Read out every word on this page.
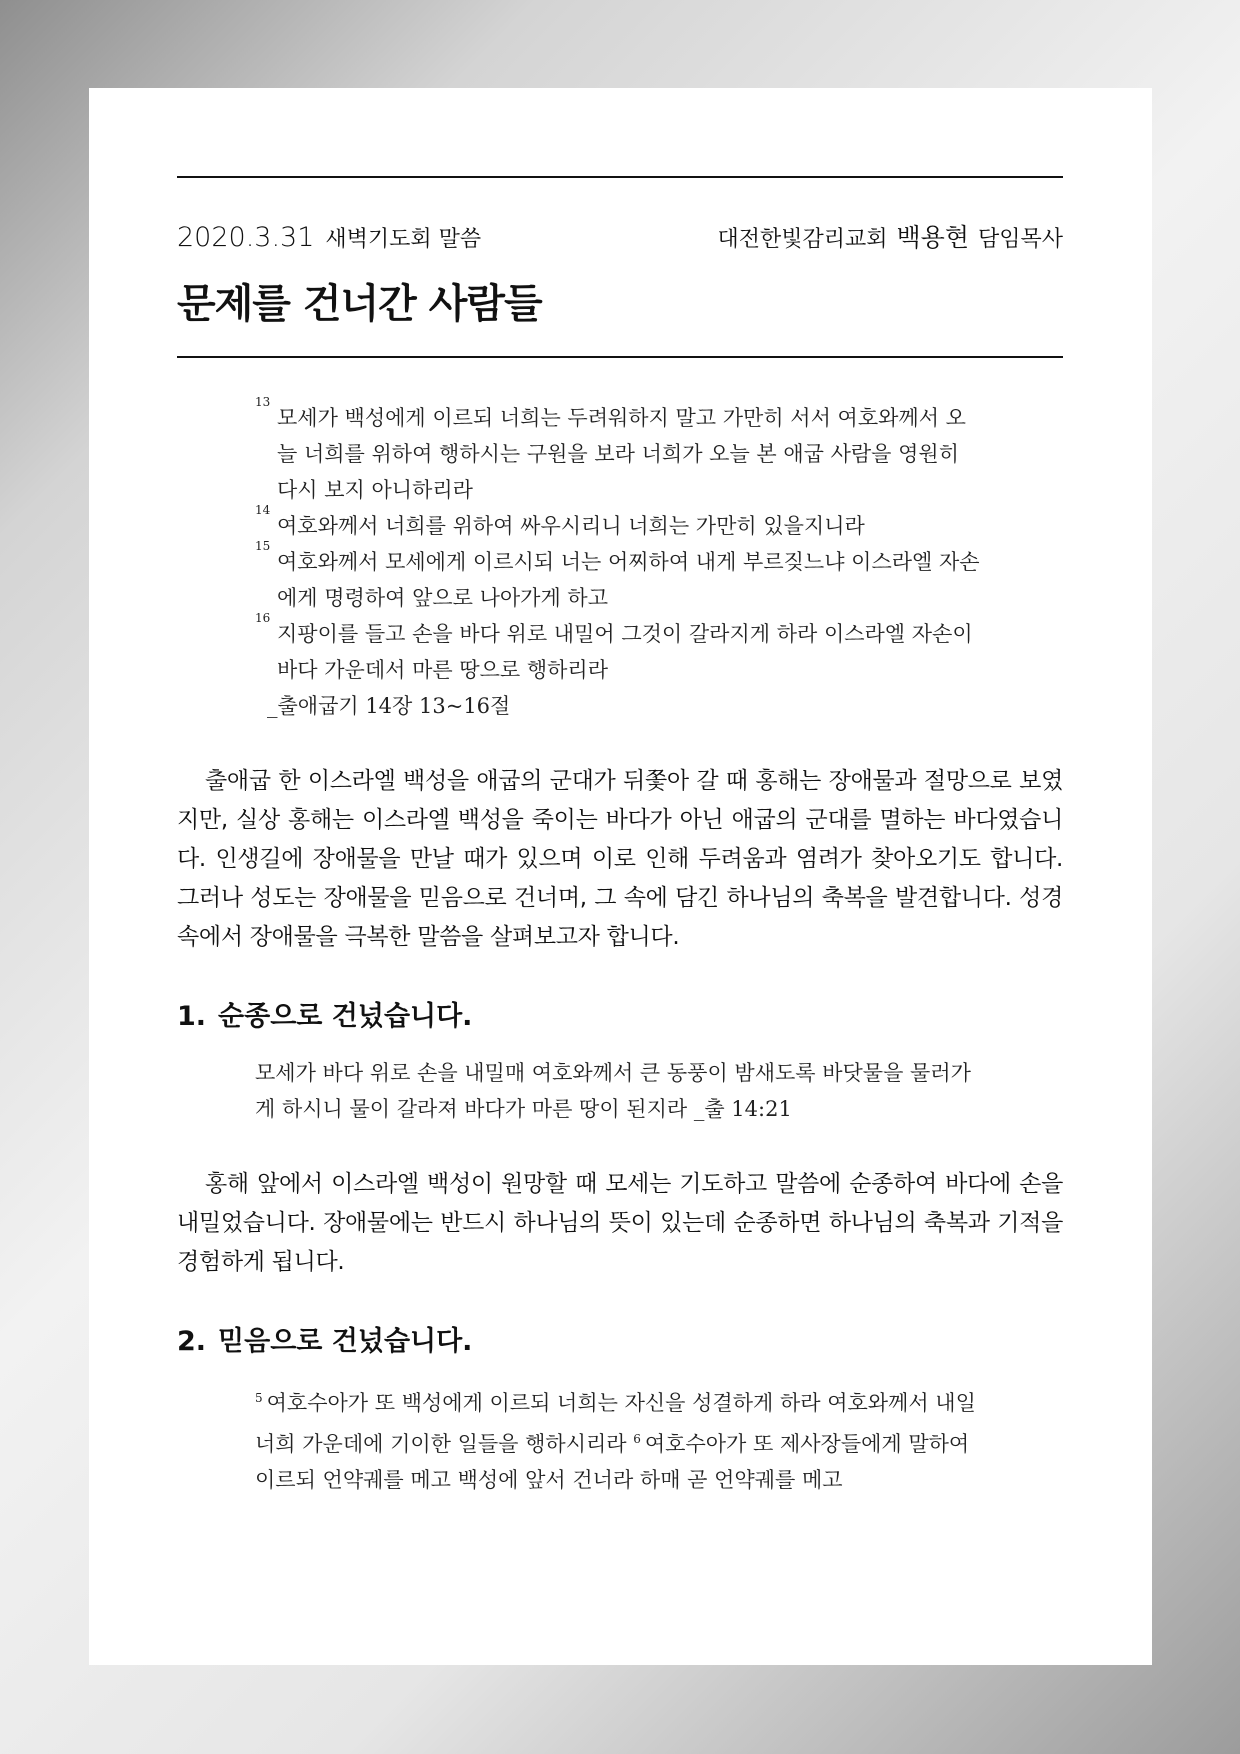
2020.3.31 새벽기도회 말씀	대전한빛감리교회 백용현 담임목사
문제를 건너간 사람들
13
모세가 백성에게 이르되 너희는 두려워하지 말고 가만히 서서 여호와께서 오늘 너희를 위하여 행하시는 구원을 보라 너희가 오늘 본 애굽 사람을 영원히 다시 보지 아니하리라
14
여호와께서 너희를 위하여 싸우시리니 너희는 가만히 있을지니라
15
여호와께서 모세에게 이르시되 너는 어찌하여 내게 부르짖느냐 이스라엘 자손에게 명령하여 앞으로 나아가게 하고
16
지팡이를 들고 손을 바다 위로 내밀어 그것이 갈라지게 하라 이스라엘 자손이 바다 가운데서 마른 땅으로 행하리라
_출애굽기 14장 13~16절

출애굽 한 이스라엘 백성을 애굽의 군대가 뒤쫓아 갈 때 홍해는 장애물과 절망으로 보였지만, 실상 홍해는 이스라엘 백성을 죽이는 바다가 아닌 애굽의 군대를 멸하는 바다였습니다. 인생길에 장애물을 만날 때가 있으며 이로 인해 두려움과 염려가 찾아오기도 합니다. 그러나 성도는 장애물을 믿음으로 건너며, 그 속에 담긴 하나님의 축복을 발견합니다. 성경 속에서 장애물을 극복한 말씀을 살펴보고자 합니다.

1. 순종으로 건넜습니다.
모세가 바다 위로 손을 내밀매 여호와께서 큰 동풍이 밤새도록 바닷물을 물러가게 하시니 물이 갈라져 바다가 마른 땅이 된지라 _출 14:21

홍해 앞에서 이스라엘 백성이 원망할 때 모세는 기도하고 말씀에 순종하여 바다에 손을 내밀었습니다. 장애물에는 반드시 하나님의 뜻이 있는데 순종하면 하나님의 축복과 기적을 경험하게 됩니다.

2. 믿음으로 건넜습니다.
$^5$ 여호수아가 또 백성에게 이르되 너희는 자신을 성결하게 하라 여호와께서 내일 너희 가운데에 기이한 일들을 행하시리라 $^6$ 여호수아가 또 제사장들에게 말하여 이르되 언약궤를 메고 백성에 앞서 건너라 하매 곧 언약궤를 메고
